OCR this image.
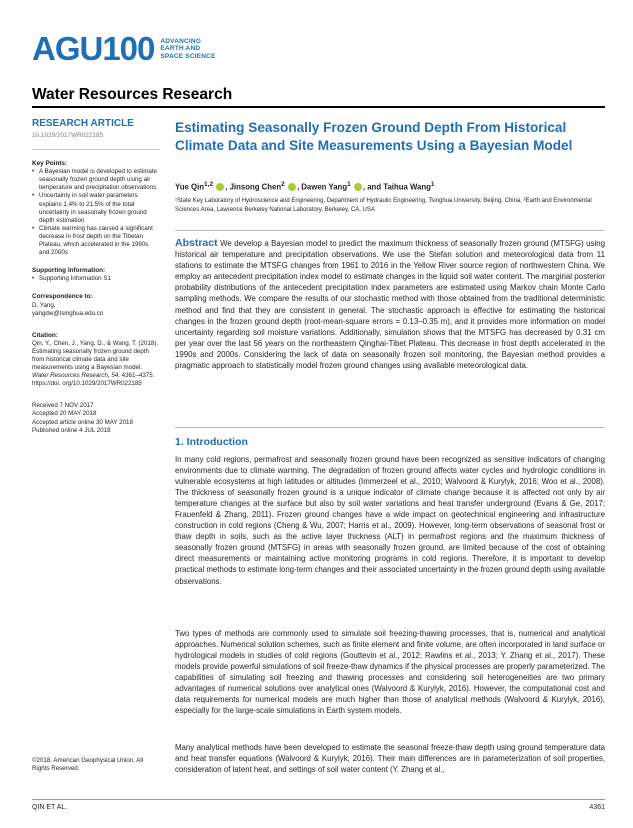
AGU100 ADVANCING
EARTH AND
SPACE SCIENCE
Water Resources Research
RESEARCH ARTICLE
10.1029/2017WR022185
Key Points:
• A Bayesian model is developed to estimate seasonally frozen ground depth using air temperature and precipitation observations
• Uncertainty in soil water parameters explains 1.4% to 21.5% of the total uncertainty in seasonally frozen ground depth estimation
• Climate warming has caused a significant decrease in frost depth on the Tibetan Plateau, which accelerated in the 1990s and 2000s
Supporting Information:
• Supporting Information S1
Correspondence to:
D. Yang,
yangdw@tsinghua.edu.cn
Citation:
Qin, Y., Chen, J., Yang, D., & Wang, T. (2018). Estimating seasonally frozen ground depth from historical climate data and site measurements using a Bayesian model. Water Resources Research, 54, 4361–4375. https://doi. org/10.1029/2017WR022185
Received 7 NOV 2017
Accepted 20 MAY 2018
Accepted article online 30 MAY 2018
Published online 4 JUL 2018
©2018. American Geophysical Union. All Rights Reserved.
Estimating Seasonally Frozen Ground Depth From Historical Climate Data and Site Measurements Using a Bayesian Model
Yue Qin$^{1,2}$ , Jinsong Chen$^2$ , Dawen Yang$^1$ , and Taihua Wang$^1$
¹State Key Laboratory of Hydroscience and Engineering, Department of Hydraulic Engineering, Tsinghua University, Beijing, China, ²Earth and Environmental Sciences Area, Lawrence Berkeley National Laboratory, Berkeley, CA, USA
Abstract We develop a Bayesian model to predict the maximum thickness of seasonally frozen ground (MTSFG) using historical air temperature and precipitation observations. We use the Stefan solution and meteorological data from 11 stations to estimate the MTSFG changes from 1961 to 2016 in the Yellow River source region of northwestern China. We employ an antecedent precipitation index model to estimate changes in the liquid soil water content. The marginal posterior probability distributions of the antecedent precipitation index parameters are estimated using Markov chain Monte Carlo sampling methods. We compare the results of our stochastic method with those obtained from the traditional deterministic method and find that they are consistent in general. The stochastic approach is effective for estimating the historical changes in the frozen ground depth (root-mean-square errors = 0.13–0.35 m), and it provides more information on model uncertainty regarding soil moisture variations. Additionally, simulation shows that the MTSFG has decreased by 0.31 cm per year over the last 56 years on the northeastern Qinghai-Tibet Plateau. This decrease in frost depth accelerated in the 1990s and 2000s. Considering the lack of data on seasonally frozen soil monitoring, the Bayesian method provides a pragmatic approach to statistically model frozen ground changes using available meteorological data.
1. Introduction
In many cold regions, permafrost and seasonally frozen ground have been recognized as sensitive indicators of changing environments due to climate warming. The degradation of frozen ground affects water cycles and hydrologic conditions in vulnerable ecosystems at high latitudes or altitudes (Immerzeel et al., 2010; Walvoord & Kurylyk, 2016; Woo et al., 2008). The thickness of seasonally frozen ground is a unique indicator of climate change because it is affected not only by air temperature changes at the surface but also by soil water variations and heat transfer underground (Evans & Ge, 2017; Frauenfeld & Zhang, 2011). Frozen ground changes have a wide impact on geotechnical engineering and infrastructure construction in cold regions (Cheng & Wu, 2007; Harris et al., 2009). However, long-term observations of seasonal frost or thaw depth in soils, such as the active layer thickness (ALT) in permafrost regions and the maximum thickness of seasonally frozen ground (MTSFG) in areas with seasonally frozen ground, are limited because of the cost of obtaining direct measurements or maintaining active monitoring programs in cold regions. Therefore, it is important to develop practical methods to estimate long-term changes and their associated uncertainty in the frozen ground depth using available observations.
Two types of methods are commonly used to simulate soil freezing-thawing processes, that is, numerical and analytical approaches. Numerical solution schemes, such as finite element and finite volume, are often incorporated in land surface or hydrological models in studies of cold regions (Gouttevin et al., 2012; Rawlins et al., 2013; Y. Zhang et al., 2017). These models provide powerful simulations of soil freeze-thaw dynamics if the physical processes are properly parameterized. The capabilities of simulating soil freezing and thawing processes and considering soil heterogeneities are two primary advantages of numerical solutions over analytical ones (Walvoord & Kurylyk, 2016). However, the computational cost and data requirements for numerical models are much higher than those of analytical methods (Walvoord & Kurylyk, 2016), especially for the large-scale simulations in Earth system models.
Many analytical methods have been developed to estimate the seasonal freeze-thaw depth using ground temperature data and heat transfer equations (Walvoord & Kurylyk, 2016). Their main differences are in parameterization of soil properties, consideration of latent heat, and settings of soil water content (Y. Zhang et al.,
QIN ET AL.	4361
